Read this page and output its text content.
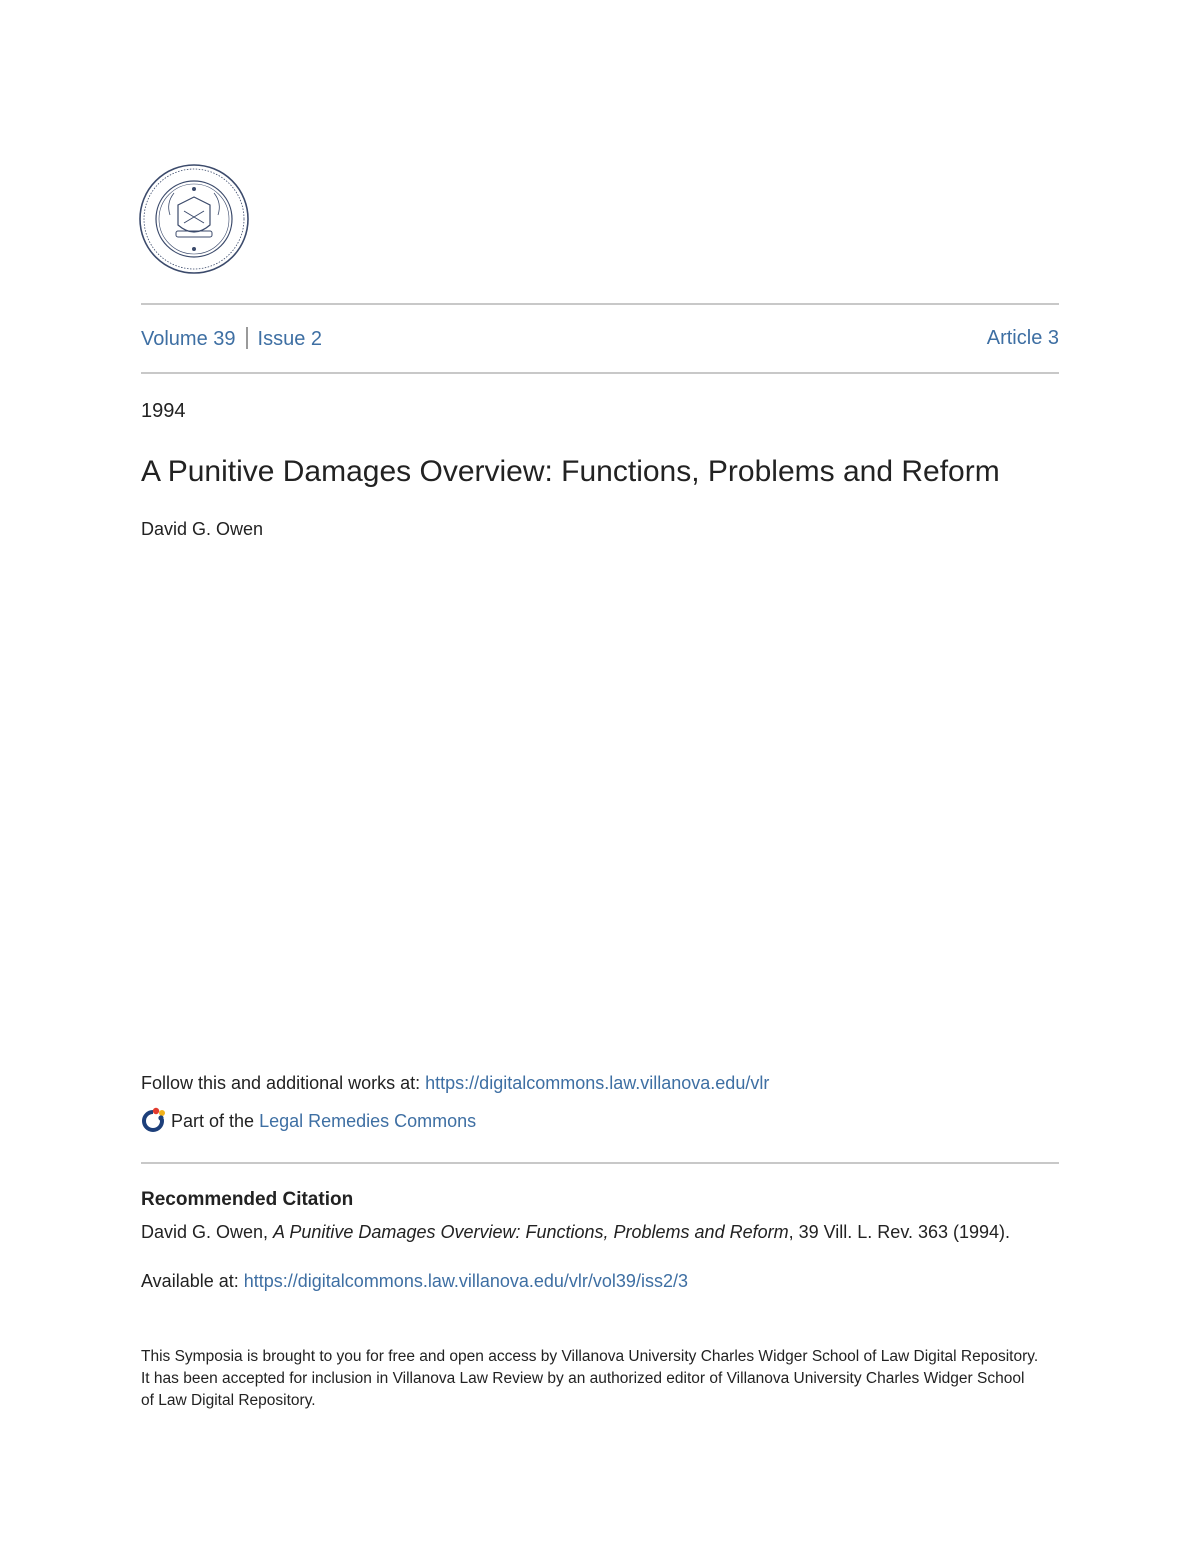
Volume 39 Issue 2	Article 3
1994
A Punitive Damages Overview: Functions, Problems and Reform
David G. Owen
Follow this and additional works at: https://digitalcommons.law.villanova.edu/vlr
Part of the Legal Remedies Commons
Recommended Citation
David G. Owen, A Punitive Damages Overview: Functions, Problems and Reform, 39 Vill. L. Rev. 363 (1994).
Available at: https://digitalcommons.law.villanova.edu/vlr/vol39/iss2/3
This Symposia is brought to you for free and open access by Villanova University Charles Widger School of Law Digital Repository. It has been accepted for inclusion in Villanova Law Review by an authorized editor of Villanova University Charles Widger School of Law Digital Repository.
